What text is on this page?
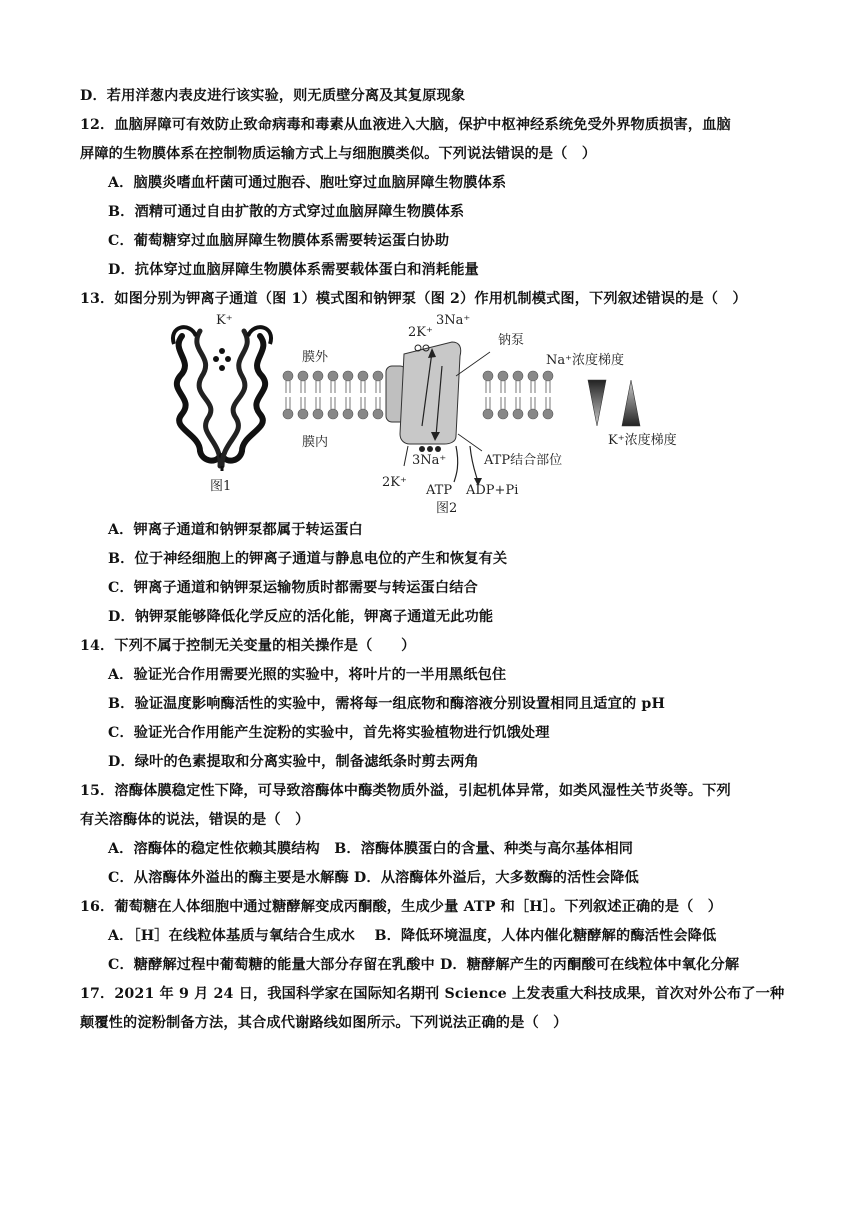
D．若用洋葱内表皮进行该实验，则无质壁分离及其复原现象
12．血脑屏障可有效防止致命病毒和毒素从血液进入大脑，保护中枢神经系统免受外界物质损害，血脑
屏障的生物膜体系在控制物质运输方式上与细胞膜类似。下列说法错误的是（　）
A．脑膜炎嗜血杆菌可通过胞吞、胞吐穿过血脑屏障生物膜体系
B．酒精可通过自由扩散的方式穿过血脑屏障生物膜体系
C．葡萄糖穿过血脑屏障生物膜体系需要转运蛋白协助
D．抗体穿过血脑屏障生物膜体系需要载体蛋白和消耗能量
13．如图分别为钾离子通道（图 1）模式图和钠钾泵（图 2）作用机制模式图，下列叙述错误的是（　）
K⁺
图1
膜外
膜内
2K⁺
3Na⁺
钠泵
3Na⁺
2K⁺
ATP结合部位
ATP ADP+Pi
图2
Na⁺浓度梯度
K⁺浓度梯度
A．钾离子通道和钠钾泵都属于转运蛋白
B．位于神经细胞上的钾离子通道与静息电位的产生和恢复有关
C．钾离子通道和钠钾泵运输物质时都需要与转运蛋白结合
D．钠钾泵能够降低化学反应的活化能，钾离子通道无此功能
14．下列不属于控制无关变量的相关操作是（　　）
A．验证光合作用需要光照的实验中，将叶片的一半用黑纸包住
B．验证温度影响酶活性的实验中，需将每一组底物和酶溶液分别设置相同且适宜的 pH
C．验证光合作用能产生淀粉的实验中，首先将实验植物进行饥饿处理
D．绿叶的色素提取和分离实验中，制备滤纸条时剪去两角
15．溶酶体膜稳定性下降，可导致溶酶体中酶类物质外溢，引起机体异常，如类风湿性关节炎等。下列
有关溶酶体的说法，错误的是（　）
A．溶酶体的稳定性依赖其膜结构　B．溶酶体膜蛋白的含量、种类与高尔基体相同
C．从溶酶体外溢出的酶主要是水解酶 D．从溶酶体外溢后，大多数酶的活性会降低
16．葡萄糖在人体细胞中通过糖酵解变成丙酮酸，生成少量 ATP 和［H］。下列叙述正确的是（　）
A．［H］在线粒体基质与氧结合生成水　 B．降低环境温度，人体内催化糖酵解的酶活性会降低
C．糖酵解过程中葡萄糖的能量大部分存留在乳酸中 D．糖酵解产生的丙酮酸可在线粒体中氧化分解
17．2021 年 9 月 24 日，我国科学家在国际知名期刊 Science 上发表重大科技成果，首次对外公布了一种
颠覆性的淀粉制备方法，其合成代谢路线如图所示。下列说法正确的是（　）
